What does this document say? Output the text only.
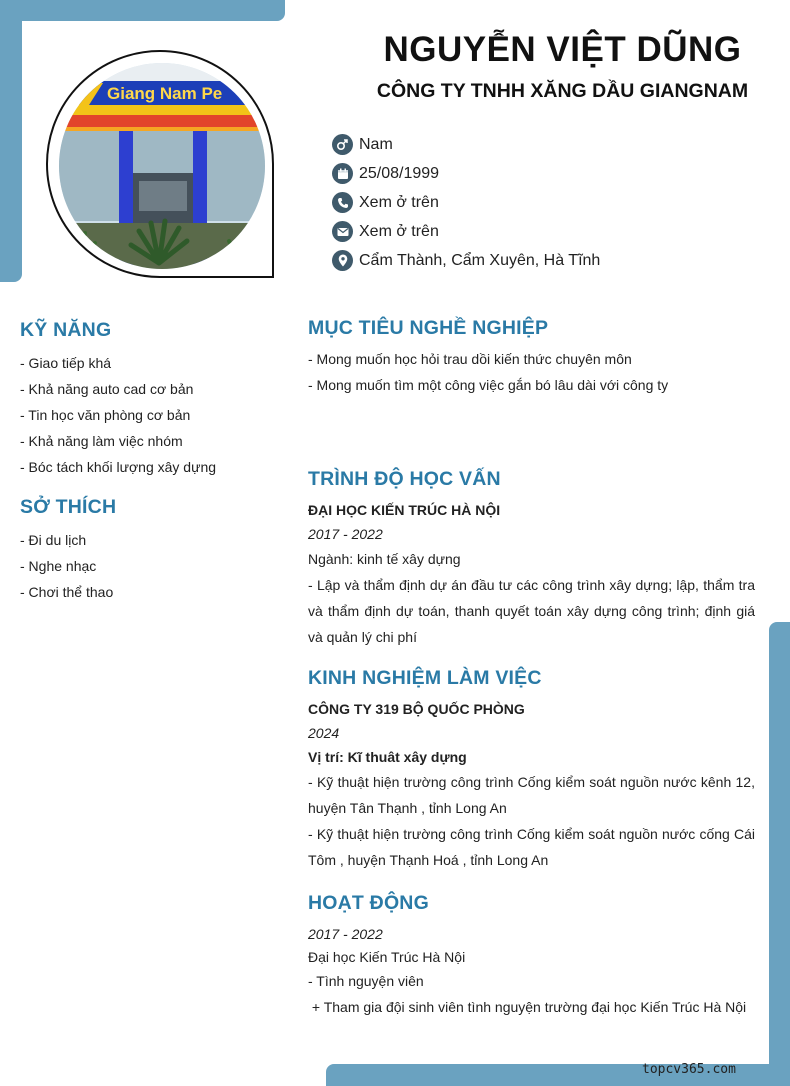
Giang Nam Pe
NGUYỄN VIỆT DŨNG
CÔNG TY TNHH XĂNG DẦU GIANGNAM
Nam
25/08/1999
Xem ở trên
Xem ở trên
Cẩm Thành, Cẩm Xuyên, Hà Tĩnh
KỸ NĂNG
- Giao tiếp khá
- Khả năng auto cad cơ bản
- Tin học văn phòng cơ bản
- Khả năng làm việc nhóm
- Bóc tách khối lượng xây dựng
SỞ THÍCH
- Đi du lịch
- Nghe nhạc
- Chơi thể thao
MỤC TIÊU NGHỀ NGHIỆP
- Mong muốn học hỏi trau dồi kiến thức chuyên môn
- Mong muốn tìm một công việc gắn bó lâu dài với công ty
TRÌNH ĐỘ HỌC VẤN
ĐẠI HỌC KIẾN TRÚC HÀ NỘI
2017 - 2022
Ngành: kinh tế xây dựng
- Lập và thẩm định dự án đầu tư các công trình xây dựng; lập, thẩm tra và thẩm định dự toán, thanh quyết toán xây dựng công trình; định giá và quản lý chi phí
KINH NGHIỆM LÀM VIỆC
CÔNG TY 319 BỘ QUỐC PHÒNG
2024
Vị trí: Kĩ thuât xây dựng
- Kỹ thuật hiện trường công trình Cống kiểm soát nguồn nước kênh 12, huyện Tân Thạnh , tỉnh Long An
- Kỹ thuật hiện trường công trình Cống kiểm soát nguồn nước cống Cái Tôm , huyện Thạnh Hoá , tỉnh Long An
HOẠT ĐỘNG
2017 - 2022
Đại học Kiến Trúc Hà Nội
- Tình nguyện viên
+ Tham gia đội sinh viên tình nguyện trường đại học Kiến Trúc Hà Nội
topcv365.com
